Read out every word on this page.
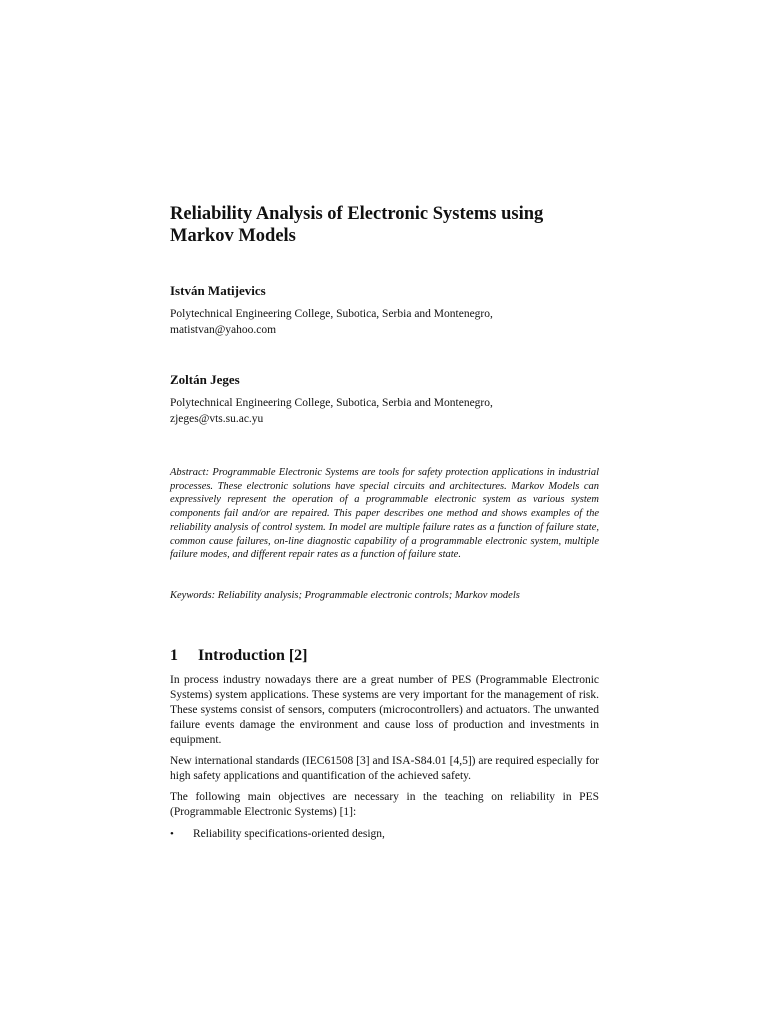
Reliability Analysis of Electronic Systems using Markov Models

István Matijevics

Polytechnical Engineering College, Subotica, Serbia and Montenegro,
matistvan@yahoo.com

Zoltán Jeges

Polytechnical Engineering College, Subotica, Serbia and Montenegro,
zjeges@vts.su.ac.yu

Abstract: Programmable Electronic Systems are tools for safety protection applications in industrial processes. These electronic solutions have special circuits and architectures. Markov Models can expressively represent the operation of a programmable electronic system as various system components fail and/or are repaired. This paper describes one method and shows examples of the reliability analysis of control system. In model are multiple failure rates as a function of failure state, common cause failures, on-line diagnostic capability of a programmable electronic system, multiple failure modes, and different repair rates as a function of failure state.

Keywords: Reliability analysis; Programmable electronic controls; Markov models

1	Introduction [2]

In process industry nowadays there are a great number of PES (Programmable Electronic Systems) system applications. These systems are very important for the management of risk. These systems consist of sensors, computers (microcontrollers) and actuators. The unwanted failure events damage the environment and cause loss of production and investments in equipment.

New international standards (IEC61508 [3] and ISA-S84.01 [4,5]) are required especially for high safety applications and quantification of the achieved safety.

The following main objectives are necessary in the teaching on reliability in PES (Programmable Electronic Systems) [1]:

•	Reliability specifications-oriented design,
